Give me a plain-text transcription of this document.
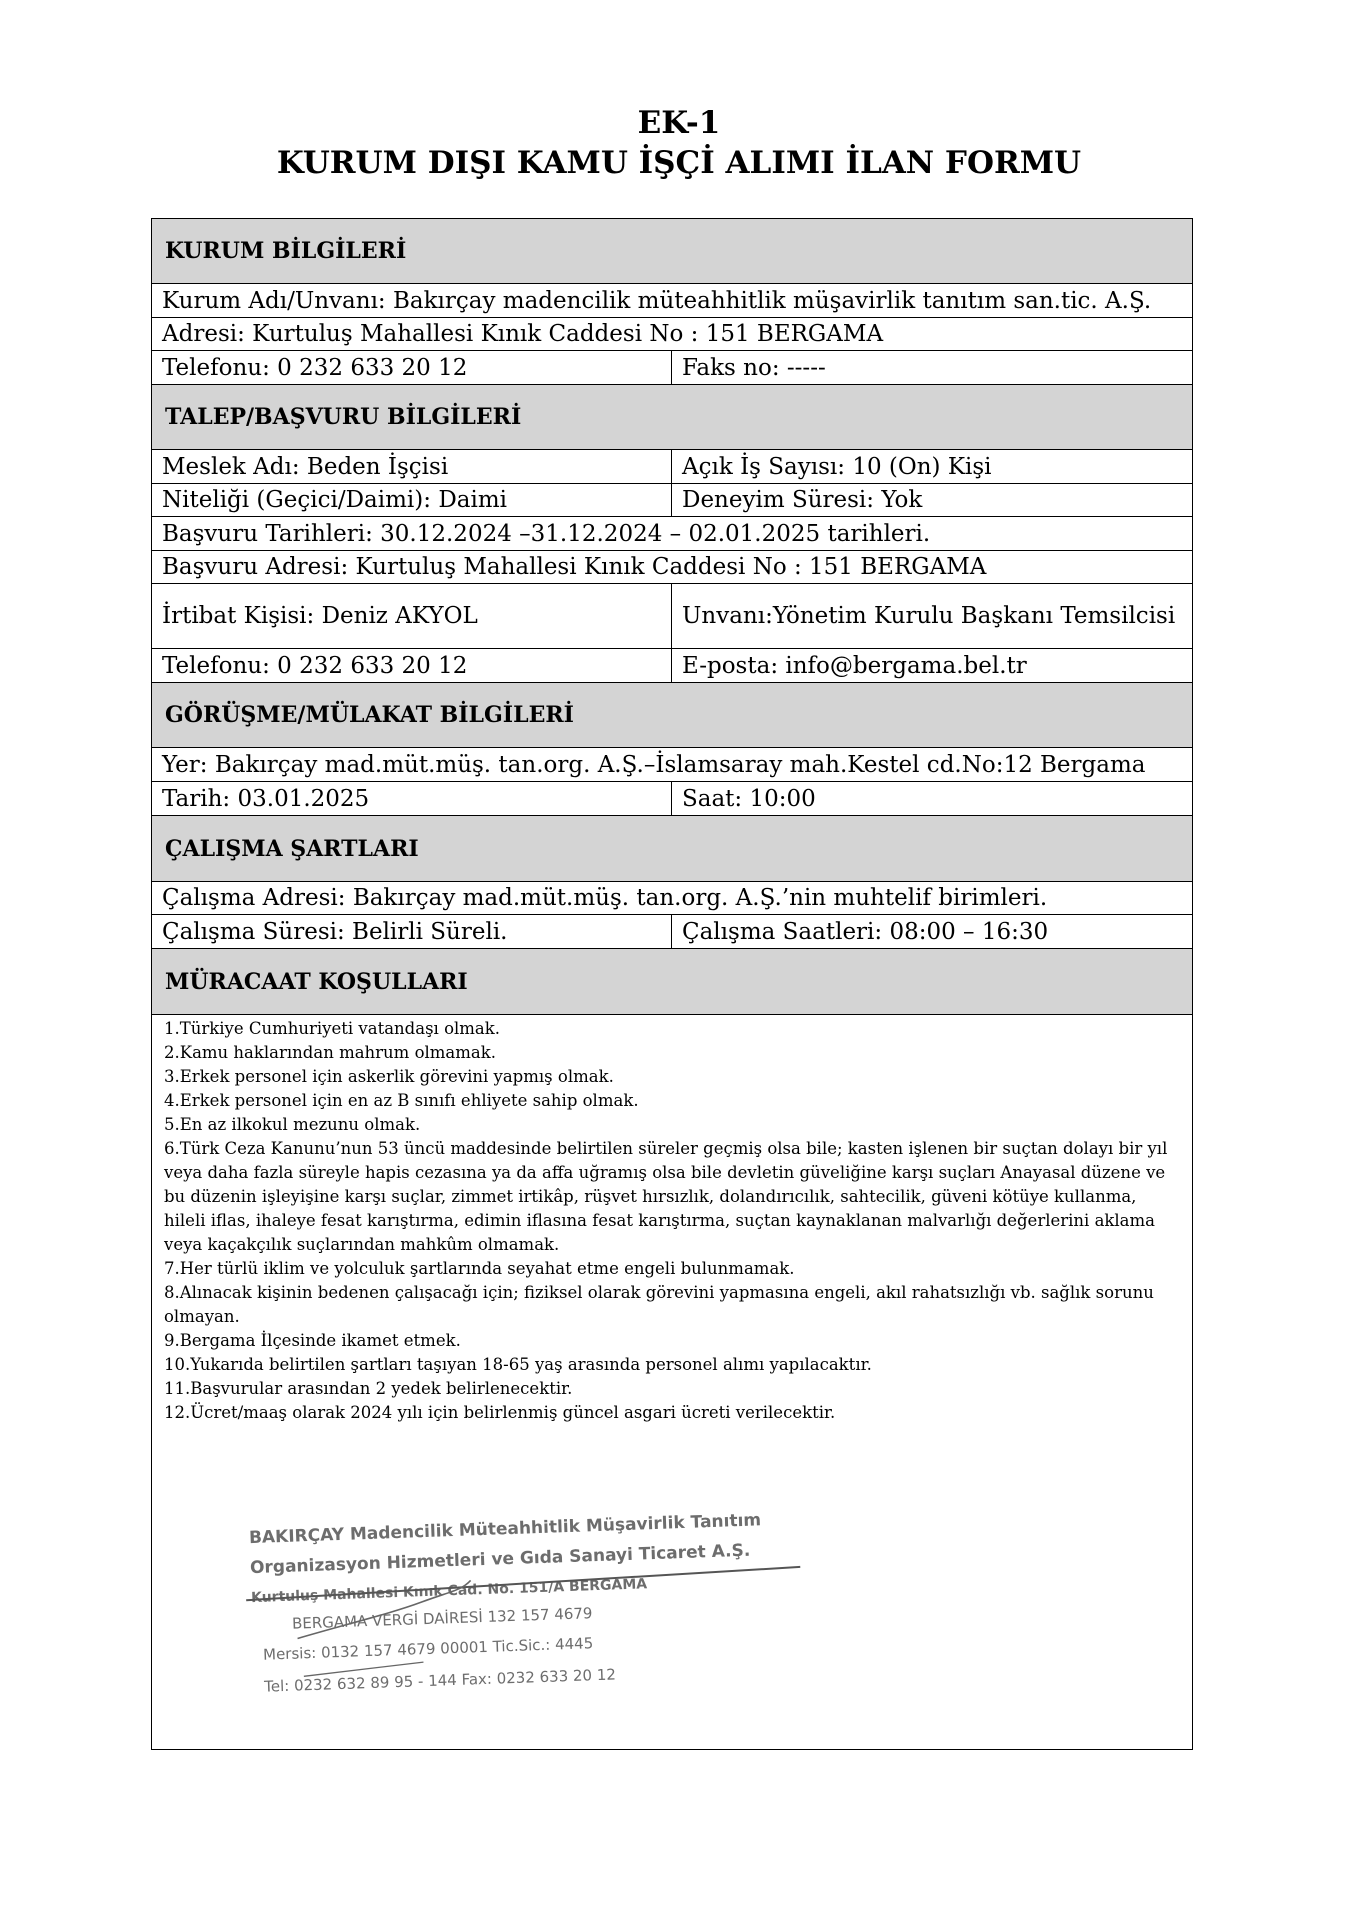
EK-1
KURUM DIŞI KAMU İŞÇİ ALIMI İLAN FORMU
KURUM BİLGİLERİ
Kurum Adı/Unvanı: Bakırçay madencilik müteahhitlik müşavirlik tanıtım san.tic. A.Ş.
Adresi: Kurtuluş Mahallesi Kınık Caddesi No : 151 BERGAMA
Telefonu: 0 232 633 20 12	Faks no: -----
TALEP/BAŞVURU BİLGİLERİ
Meslek Adı: Beden İşçisi	Açık İş Sayısı: 10 (On) Kişi
Niteliği (Geçici/Daimi): Daimi	Deneyim Süresi: Yok
Başvuru Tarihleri: 30.12.2024 –31.12.2024 – 02.01.2025 tarihleri.
Başvuru Adresi: Kurtuluş Mahallesi Kınık Caddesi No : 151 BERGAMA
İrtibat Kişisi: Deniz AKYOL	Unvanı:Yönetim Kurulu Başkanı Temsilcisi
Telefonu: 0 232 633 20 12	E-posta: info@bergama.bel.tr
GÖRÜŞME/MÜLAKAT BİLGİLERİ
Yer: Bakırçay mad.müt.müş. tan.org. A.Ş.–İslamsaray mah.Kestel cd.No:12 Bergama
Tarih: 03.01.2025	Saat: 10:00
ÇALIŞMA ŞARTLARI
Çalışma Adresi: Bakırçay mad.müt.müş. tan.org. A.Ş.’nin muhtelif birimleri.
Çalışma Süresi: Belirli Süreli.	Çalışma Saatleri: 08:00 – 16:30
MÜRACAAT KOŞULLARI
1.Türkiye Cumhuriyeti vatandaşı olmak.
2.Kamu haklarından mahrum olmamak.
3.Erkek personel için askerlik görevini yapmış olmak.
4.Erkek personel için en az B sınıfı ehliyete sahip olmak.
5.En az ilkokul mezunu olmak.
6.Türk Ceza Kanunu’nun 53 üncü maddesinde belirtilen süreler geçmiş olsa bile; kasten işlenen bir suçtan dolayı bir yıl veya daha fazla süreyle hapis cezasına ya da affa uğramış olsa bile devletin güveliğine karşı suçları Anayasal düzene ve bu düzenin işleyişine karşı suçlar, zimmet irtikâp, rüşvet hırsızlık, dolandırıcılık, sahtecilik, güveni kötüye kullanma, hileli iflas, ihaleye fesat karıştırma, edimin iflasına fesat karıştırma, suçtan kaynaklanan malvarlığı değerlerini aklama veya kaçakçılık suçlarından mahkûm olmamak.
7.Her türlü iklim ve yolculuk şartlarında seyahat etme engeli bulunmamak.
8.Alınacak kişinin bedenen çalışacağı için; fiziksel olarak görevini yapmasına engeli, akıl rahatsızlığı vb. sağlık sorunu olmayan.
9.Bergama İlçesinde ikamet etmek.
10.Yukarıda belirtilen şartları taşıyan 18-65 yaş arasında personel alımı yapılacaktır.
11.Başvurular arasından 2 yedek belirlenecektir.
12.Ücret/maaş olarak 2024 yılı için belirlenmiş güncel asgari ücreti verilecektir.
BAKIRÇAY Madencilik Müteahhitlik Müşavirlik Tanıtım
Organizasyon Hizmetleri ve Gıda Sanayi Ticaret A.Ş.
Kurtuluş Mahallesi Kınık Cad. No. 151/A BERGAMA
BERGAMA VERGİ DAİRESİ 132 157 4679
Mersis: 0132 157 4679 00001 Tic.Sic.: 4445
Tel: 0232 632 89 95 - 144 Fax: 0232 633 20 12
